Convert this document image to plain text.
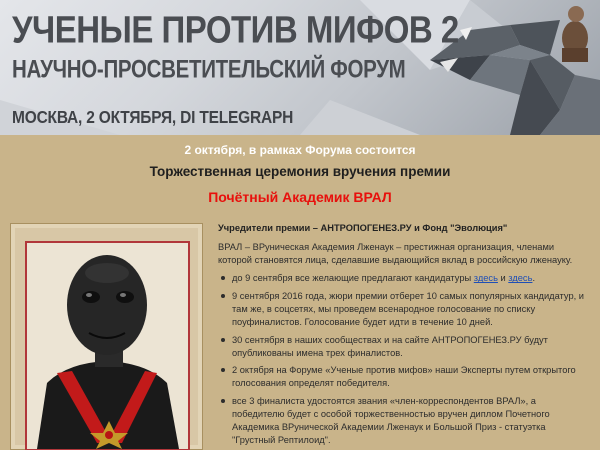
УЧЕНЫЕ ПРОТИВ МИФОВ 2
НАУЧНО-ПРОСВЕТИТЕЛЬСКИЙ ФОРУМ
МОСКВА, 2 ОКТЯБРЯ, DI TELEGRAPH
2 октября, в рамках Форума состоится
Торжественная церемония вручения премии
Почётный Академик ВРАЛ
Учредители премии – АНТРОПОГЕНЕЗ.РУ и Фонд "Эволюция"
ВРАЛ – ВРуническая Академия Лженаук – престижная организация, членами которой становятся лица, сделавшие выдающийся вклад в российскую лженауку.
до 9 сентября все желающие предлагают кандидатуры здесь и здесь.
9 сентября 2016 года, жюри премии отберет 10 самых популярных кандидатур, и там же, в соцсетях, мы проведем всенародное голосование по списку поуфиналистов. Голосование будет идти в течение 10 дней.
30 сентября в наших сообществах и на сайте АНТРОПОГЕНЕЗ.РУ будут опубликованы имена трех финалистов.
2 октября на Форуме «Ученые против мифов» наши Эксперты путем открытого голосования определят победителя.
все 3 финалиста удостоятся звания «член-корреспондентов ВРАЛ», а победителю будет с особой торжественностью вручен диплом Почетного Академика ВРунической Академии Лженаук и Большой Приз - статуэтка "Грустный Рептилоид".
